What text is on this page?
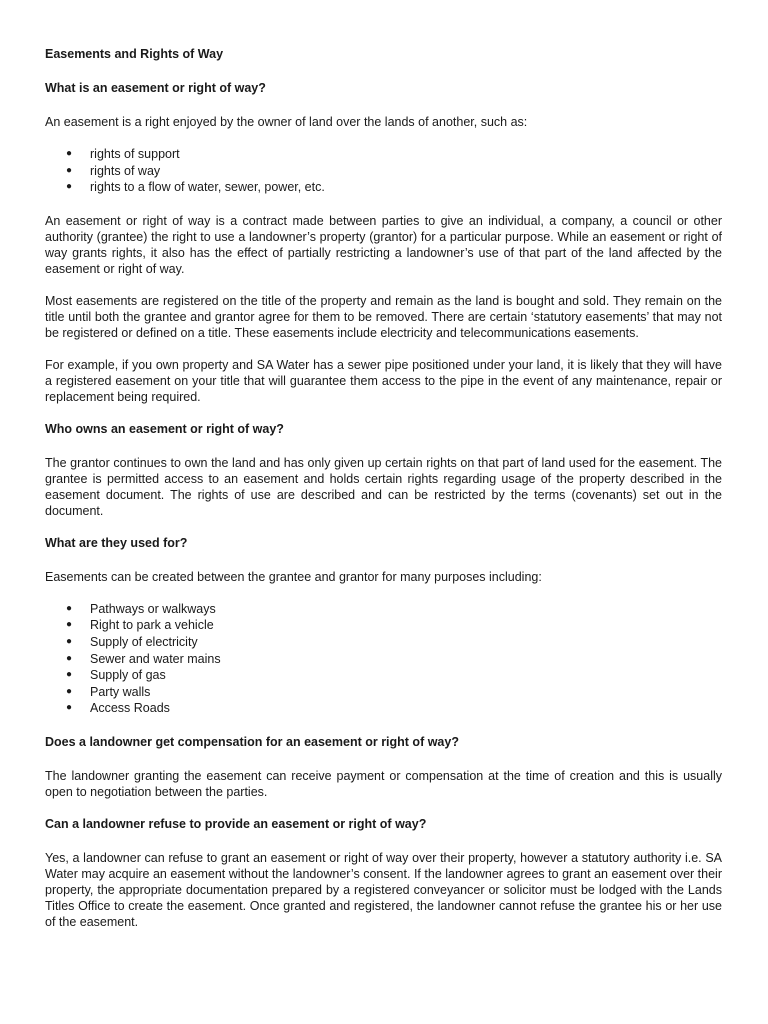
Easements and Rights of Way
What is an easement or right of way?

An easement is a right enjoyed by the owner of land over the lands of another, such as:

● rights of support
● rights of way
● rights to a flow of water, sewer, power, etc.

An easement or right of way is a contract made between parties to give an individual, a company, a council or other authority (grantee) the right to use a landowner’s property (grantor) for a particular purpose. While an easement or right of way grants rights, it also has the effect of partially restricting a landowner’s use of that part of the land affected by the easement or right of way.

Most easements are registered on the title of the property and remain as the land is bought and sold. They remain on the title until both the grantee and grantor agree for them to be removed. There are certain ‘statutory easements’ that may not be registered or defined on a title. These easements include electricity and telecommunications easements.

For example, if you own property and SA Water has a sewer pipe positioned under your land, it is likely that they will have a registered easement on your title that will guarantee them access to the pipe in the event of any maintenance, repair or replacement being required.

Who owns an easement or right of way?

The grantor continues to own the land and has only given up certain rights on that part of land used for the easement. The grantee is permitted access to an easement and holds certain rights regarding usage of the property described in the easement document. The rights of use are described and can be restricted by the terms (covenants) set out in the document.

What are they used for?

Easements can be created between the grantee and grantor for many purposes including:

● Pathways or walkways
● Right to park a vehicle
● Supply of electricity
● Sewer and water mains
● Supply of gas
● Party walls
● Access Roads
Does a landowner get compensation for an easement or right of way?

The landowner granting the easement can receive payment or compensation at the time of creation and this is usually open to negotiation between the parties.

Can a landowner refuse to provide an easement or right of way?

Yes, a landowner can refuse to grant an easement or right of way over their property, however a statutory authority i.e. SA Water may acquire an easement without the landowner’s consent. If the landowner agrees to grant an easement over their property, the appropriate documentation prepared by a registered conveyancer or solicitor must be lodged with the Lands Titles Office to create the easement. Once granted and registered, the landowner cannot refuse the grantee his or her use of the easement.
